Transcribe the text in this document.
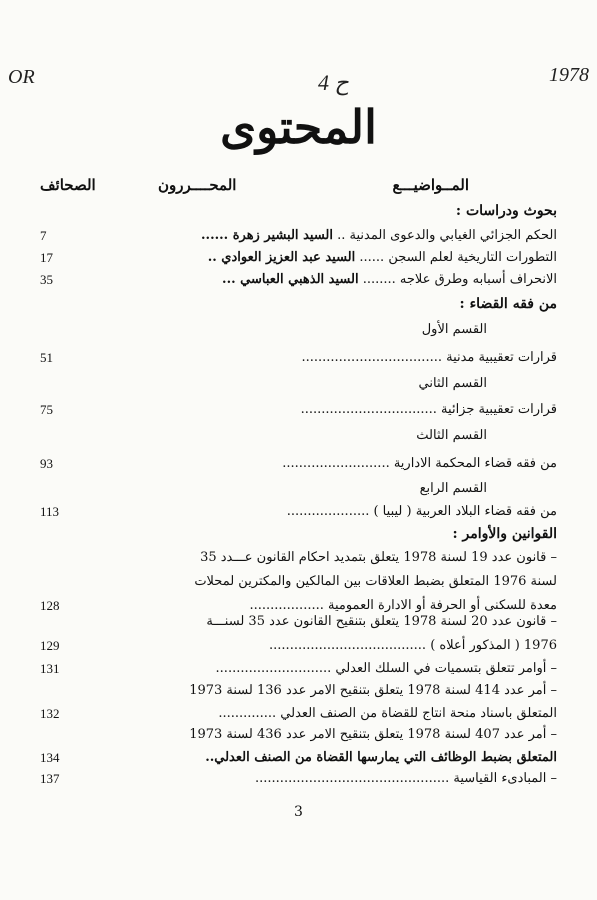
OR	ح 4	1978
المحتوى
المــواضيـــع
المحــــررون
الصحائف
بحوث ودراسات :
الحكم الجزائي الغيابي والدعوى المدنية .. السيد البشير زهرة ......
7
التطورات التاريخية لعلم السجن ...... السيد عبد العزيز العوادي ..
17
الانحراف أسبابه وطرق علاجه ........ السيد الذهبي العباسي ...
35
من فقه القضاء :
القسم الأول
قرارات تعقيبية مدنية ..................................
51
القسم الثاني
قرارات تعقيبية جزائية .................................
75
القسم الثالث
من فقه قضاء المحكمة الادارية ..........................
93
القسم الرابع
من فقه قضاء البلاد العربية ( ليبيا ) ....................
113
القوانين والأوامر :
– قانون عدد 19 لسنة 1978 يتعلق بتمديد احكام القانون عـــدد 35
لسنة 1976 المتعلق بضبط العلاقات بين المالكين والمكترين لمحلات
معدة للسكنى أو الحرفة أو الادارة العمومية ..................
128
– قانون عدد 20 لسنة 1978 يتعلق بتنقيح القانون عدد 35 لسنـــة
1976 ( المذكور أعلاه ) ......................................
129
– أوامر تتعلق بتسميات في السلك العدلي ............................
131
– أمر عدد 414 لسنة 1978 يتعلق بتنقيح الامر عدد 136 لسنة 1973
المتعلق باسناد منحة انتاج للقضاة من الصنف العدلي ..............
132
– أمر عدد 407 لسنة 1978 يتعلق بتنقيح الامر عدد 436 لسنة 1973
المتعلق بضبط الوظائف التي يمارسها القضاة من الصنف العدلي..
134
– المبادىء القياسية ...............................................
137
3
